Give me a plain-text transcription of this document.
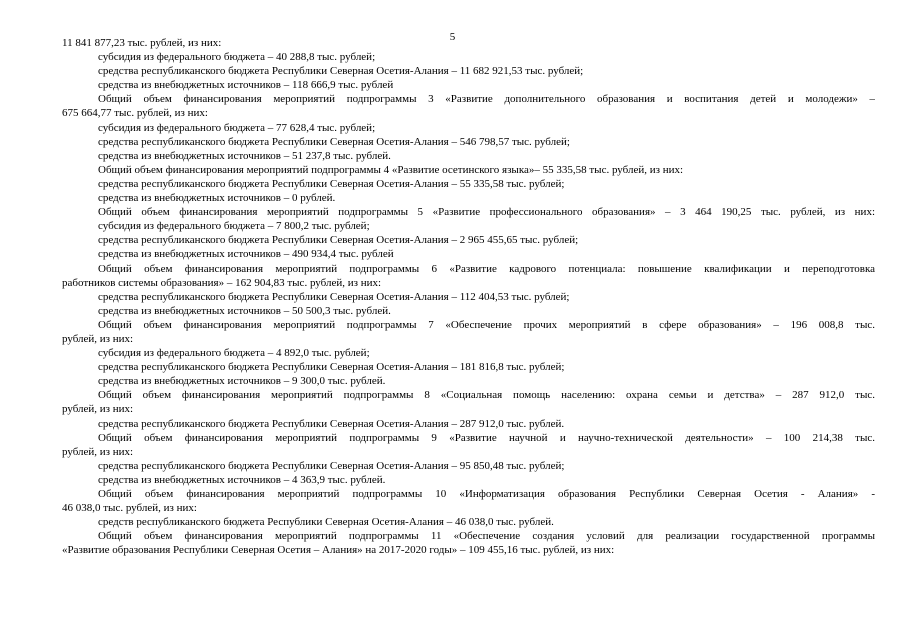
5
11 841 877,23 тыс. рублей, из них:
субсидия из федерального бюджета – 40 288,8 тыс. рублей;
средства республиканского бюджета Республики Северная Осетия-Алания – 11 682 921,53 тыс. рублей;
средства из внебюджетных источников – 118 666,9 тыс. рублей
Общий объем финансирования мероприятий подпрограммы 3 «Развитие дополнительного образования и воспитания детей и молодежи» –
675 664,77 тыс. рублей, из них:
субсидия из федерального бюджета – 77 628,4 тыс. рублей;
средства республиканского бюджета Республики Северная Осетия-Алания – 546 798,57 тыс. рублей;
средства из внебюджетных источников – 51 237,8 тыс. рублей.
Общий объем финансирования мероприятий подпрограммы 4 «Развитие осетинского языка»– 55 335,58 тыс. рублей, из них:
средства республиканского бюджета Республики Северная Осетия-Алания – 55 335,58 тыс. рублей;
средства из внебюджетных источников – 0 рублей.
Общий объем финансирования мероприятий подпрограммы 5 «Развитие профессионального образования» – 3 464 190,25 тыс. рублей, из них:
субсидия из федерального бюджета – 7 800,2 тыс. рублей;
средства республиканского бюджета Республики Северная Осетия-Алания – 2 965 455,65 тыс. рублей;
средства из внебюджетных источников – 490 934,4 тыс. рублей
Общий объем финансирования мероприятий подпрограммы 6 «Развитие кадрового потенциала: повышение квалификации и переподготовка
работников системы образования» – 162 904,83 тыс. рублей, из них:
средства республиканского бюджета Республики Северная Осетия-Алания – 112 404,53 тыс. рублей;
средства из внебюджетных источников – 50 500,3 тыс. рублей.
Общий объем финансирования мероприятий подпрограммы 7 «Обеспечение прочих мероприятий в сфере образования» – 196 008,8 тыс.
рублей, из них:
субсидия из федерального бюджета – 4 892,0 тыс. рублей;
средства республиканского бюджета Республики Северная Осетия-Алания – 181 816,8 тыс. рублей;
средства из внебюджетных источников – 9 300,0 тыс. рублей.
Общий объем финансирования мероприятий подпрограммы 8 «Социальная помощь населению: охрана семьи и детства» – 287 912,0 тыс.
рублей, из них:
средства республиканского бюджета Республики Северная Осетия-Алания – 287 912,0 тыс. рублей.
Общий объем финансирования мероприятий подпрограммы 9 «Развитие научной и научно-технической деятельности» – 100 214,38 тыс.
рублей, из них:
средства республиканского бюджета Республики Северная Осетия-Алания – 95 850,48 тыс. рублей;
средства из внебюджетных источников – 4 363,9 тыс. рублей.
Общий объем финансирования мероприятий подпрограммы 10 «Информатизация образования Республики Северная Осетия - Алания» -
46 038,0 тыс. рублей, из них:
средств республиканского бюджета Республики Северная Осетия-Алания – 46 038,0 тыс. рублей.
Общий объем финансирования мероприятий подпрограммы 11 «Обеспечение создания условий для реализации государственной программы
«Развитие образования Республики Северная Осетия – Алания» на 2017-2020 годы» – 109 455,16 тыс. рублей, из них:
